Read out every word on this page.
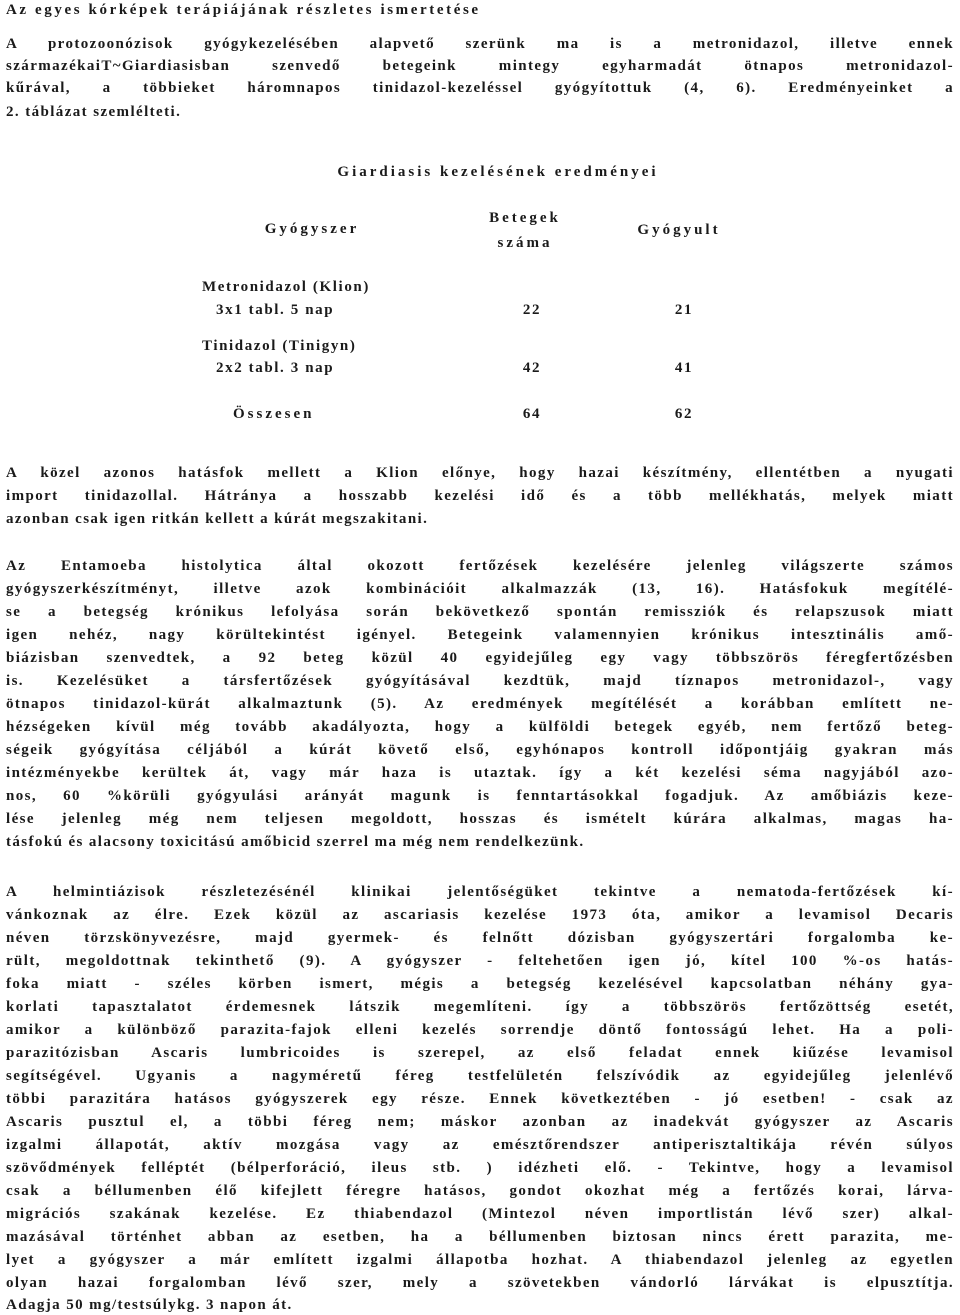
Az egyes kórképek terápiájának részletes ismertetése
A protozoonózisok gyógykezelésében alapvető szerünk ma is a metronidazol, illetve ennek
származékaiT~Giardiasisban szenvedő betegeink mintegy egyharmadát ötnapos metronidazol-
kűrával, a többieket háromnapos tinidazol-kezeléssel gyógyítottuk (4, 6). Eredményeinket a
2. táblázat szemlélteti.
Giardiasis kezelésének eredményei
Gyógyszer
Betegek
száma
Gyógyult
Metronidazol (Klion)
3x1 tabl. 5 nap	22	21
Tinidazol (Tinigyn)
2x2 tabl. 3 nap	42	41
Összesen	64	62
A közel azonos hatásfok mellett a Klion előnye, hogy hazai készítmény, ellentétben a nyugati
import tinidazollal. Hátránya a hosszabb kezelési idő és a több mellékhatás, melyek miatt
azonban csak igen ritkán kellett a kúrát megszakitani.
Az Entamoeba histolytica által okozott fertőzések kezelésére jelenleg világszerte számos
gyógyszerkészítményt, illetve azok kombinációit alkalmazzák (13, 16). Hatásfokuk megítélé-
se a betegség krónikus lefolyása során bekövetkező spontán remissziók és relapszusok miatt
igen nehéz, nagy körültekintést igényel. Betegeink valamennyien krónikus intesztinális amő-
biázisban szenvedtek, a 92 beteg közül 40 egyidejűleg egy vagy többszörös féregfertőzésben
is. Kezelésüket a társfertőzések gyógyításával kezdtük, majd tíznapos metronidazol-, vagy
ötnapos tinidazol-kürát alkalmaztunk (5). Az eredmények megítélését a korábban említett ne-
hézségeken kívül még tovább akadályozta, hogy a külföldi betegek egyéb, nem fertőző beteg-
ségeik gyógyítása céljából a kúrát követő első, egyhónapos kontroll időpontjáig gyakran más
intézményekbe kerültek át, vagy már haza is utaztak. így a két kezelési séma nagyjából azo-
nos, 60 %körüli gyógyulási arányát magunk is fenntartásokkal fogadjuk. Az amőbiázis keze-
lése jelenleg még nem teljesen megoldott, hosszas és ismételt kúrára alkalmas, magas ha-
tásfokú és alacsony toxicitású amőbicid szerrel ma még nem rendelkezünk.
A helmintiázisok részletezésénél klinikai jelentőségüket tekintve a nematoda-fertőzések kí-
vánkoznak az élre. Ezek közül az ascariasis kezelése 1973 óta, amikor a levamisol Decaris
néven törzskönyvezésre, majd gyermek- és felnőtt dózisban gyógyszertári forgalomba ke-
rült, megoldottnak tekinthető (9). A gyógyszer - feltehetően igen jó, kítel 100 %-os hatás-
foka miatt - széles körben ismert, mégis a betegség kezelésével kapcsolatban néhány gya-
korlati tapasztalatot érdemesnek látszik megemlíteni. így a többszörös fertőzöttség esetét,
amikor a különböző parazita-fajok elleni kezelés sorrendje döntő fontosságú lehet. Ha a poli-
parazitózisban Ascaris lumbricoides is szerepel, az első feladat ennek kiűzése levamisol
segítségével. Ugyanis a nagyméretű féreg testfelületén felszívódik az egyidejűleg jelenlévő
többi parazitára hatásos gyógyszerek egy része. Ennek következtében - jó esetben! - csak az
Ascaris pusztul el, a többi féreg nem; máskor azonban az inadekvát gyógyszer az Ascaris
izgalmi állapotát, aktív mozgása vagy az emésztőrendszer antiperisztaltikája révén súlyos
szövődmények felléptét (bélperforáció, ileus stb. ) idézheti elő. - Tekintve, hogy a levamisol
csak a béllumenben élő kifejlett féregre hatásos, gondot okozhat még a fertőzés korai, lárva-
migrációs szakának kezelése. Ez thiabendazol (Mintezol néven importlistán lévő szer) alkal-
mazásával történhet abban az esetben, ha a béllumenben biztosan nincs érett parazita, me-
lyet a gyógyszer a már említett izgalmi állapotba hozhat. A thiabendazol jelenleg az egyetlen
olyan hazai forgalomban lévő szer, mely a szövetekben vándorló lárvákat is elpusztítja.
Adagja 50 mg/testsúlykg. 3 napon át.
